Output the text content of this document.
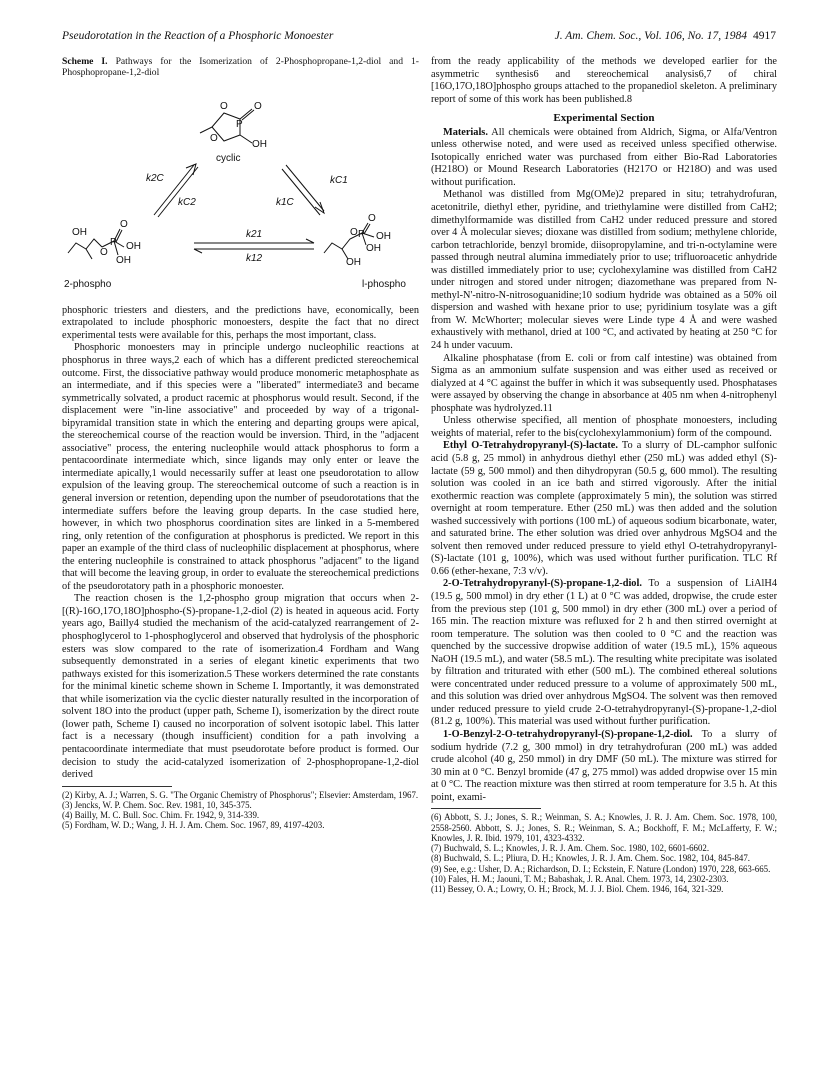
Pseudorotation in the Reaction of a Phosphoric Monoester	J. Am. Chem. Soc., Vol. 106, No. 17, 1984 4917
Scheme I. Pathways for the Isomerization of 2-Phosphopropane-1,2-diol and 1-Phosphopropane-1,2-diol
O
P
O
O
OH
cyclic
k2C
kC2
kC1
k1C
k21
k12
OH
O
P
O
OH
OH
2-phospho
O P
O
OH
OH
OH
l-phospho

phosphoric triesters and diesters, and the predictions have, economically, been extrapolated to include phosphoric monoesters, despite the fact that no direct experimental tests were available for this, perhaps the most important, class.

Phosphoric monoesters may in principle undergo nucleophilic reactions at phosphorus in three ways,2 each of which has a different predicted stereochemical outcome. First, the dissociative pathway would produce monomeric metaphosphate as an intermediate, and if this species were a "liberated" intermediate3 and became symmetrically solvated, a product racemic at phosphorus would result. Second, if the displacement were "in-line associative" and proceeded by way of a trigonal-bipyramidal transition state in which the entering and departing groups were apical, the stereochemical course of the reaction would be inversion. Third, in the "adjacent associative" process, the entering nucleophile would attack phosphorus to form a pentacoordinate intermediate which, since ligands may only enter or leave the intermediate apically,1 would necessarily suffer at least one pseudorotation to allow expulsion of the leaving group. The stereochemical outcome of such a reaction is in general inversion or retention, depending upon the number of pseudorotations that the intermediate suffers before the leaving group departs. In the case studied here, however, in which two phosphorus coordination sites are linked in a 5-membered ring, only retention of the configuration at phosphorus is predicted. We report in this paper an example of the third class of nucleophilic displacement at phosphorus, where the entering nucleophile is constrained to attack phosphorus "adjacent" to the ligand that will become the leaving group, in order to evaluate the stereochemical predictions of the pseudorotatory path in a phosphoric monoester.

The reaction chosen is the 1,2-phospho group migration that occurs when 2-[(R)-16O,17O,18O]phospho-(S)-propane-1,2-diol (2) is heated in aqueous acid. Forty years ago, Bailly4 studied the mechanism of the acid-catalyzed rearrangement of 2-phosphoglycerol to 1-phosphoglycerol and observed that hydrolysis of the phosphoric esters was slow compared to the rate of isomerization.4 Fordham and Wang subsequently demonstrated in a series of elegant kinetic experiments that two pathways existed for this isomerization.5 These workers determined the rate constants for the minimal kinetic scheme shown in Scheme I. Importantly, it was demonstrated that while isomerization via the cyclic diester naturally resulted in the incorporation of solvent 18O into the product (upper path, Scheme I), isomerization by the direct route (lower path, Scheme I) caused no incorporation of solvent isotopic label. This latter fact is a necessary (though insufficient) condition for a path involving a pentacoordinate intermediate that must pseudorotate before product is formed. Our decision to study the acid-catalyzed isomerization of 2-phosphopropane-1,2-diol derived

(2) Kirby, A. J.; Warren, S. G. "The Organic Chemistry of Phosphorus"; Elsevier: Amsterdam, 1967.

(3) Jencks, W. P. Chem. Soc. Rev. 1981, 10, 345-375.

(4) Bailly, M. C. Bull. Soc. Chim. Fr. 1942, 9, 314-339.

(5) Fordham, W. D.; Wang, J. H. J. Am. Chem. Soc. 1967, 89, 4197-4203.

from the ready applicability of the methods we developed earlier for the asymmetric synthesis6 and stereochemical analysis6,7 of chiral [16O,17O,18O]phospho groups attached to the propanediol skeleton. A preliminary report of some of this work has been published.8

Experimental Section

Materials. All chemicals were obtained from Aldrich, Sigma, or Alfa/Ventron unless otherwise noted, and were used as received unless specified otherwise. Isotopically enriched water was purchased from either Bio-Rad Laboratories (H218O) or Mound Research Laboratories (H217O or H218O) and was used without purification.

Methanol was distilled from Mg(OMe)2 prepared in situ; tetrahydrofuran, acetonitrile, diethyl ether, pyridine, and triethylamine were distilled from CaH2; dimethylformamide was distilled from CaH2 under reduced pressure and stored over 4 Å molecular sieves; dioxane was distilled from sodium; methylene chloride, carbon tetrachloride, benzyl bromide, diisopropylamine, and tri-n-octylamine were passed through neutral alumina immediately prior to use; trifluoroacetic anhydride was distilled immediately prior to use; cyclohexylamine was distilled from CaH2 under nitrogen and stored under nitrogen; diazomethane was prepared from N-methyl-N'-nitro-N-nitrosoguanidine;10 sodium hydride was obtained as a 50% oil dispersion and washed with hexane prior to use; pyridinium tosylate was a gift from W. McWhorter; molecular sieves were Linde type 4 Å and were washed exhaustively with methanol, dried at 100 °C, and activated by heating at 250 °C for 24 h under vacuum.

Alkaline phosphatase (from E. coli or from calf intestine) was obtained from Sigma as an ammonium sulfate suspension and was either used as received or dialyzed at 4 °C against the buffer in which it was subsequently used. Phosphatases were assayed by observing the change in absorbance at 405 nm when 4-nitrophenyl phosphate was hydrolyzed.11

Unless otherwise specified, all mention of phosphate monoesters, including weights of material, refer to the bis(cyclohexylammonium) form of the compound.

Ethyl O-Tetrahydropyranyl-(S)-lactate. To a slurry of DL-camphor sulfonic acid (5.8 g, 25 mmol) in anhydrous diethyl ether (250 mL) was added ethyl (S)-lactate (59 g, 500 mmol) and then dihydropyran (50.5 g, 600 mmol). The resulting solution was cooled in an ice bath and stirred vigorously. After the initial exothermic reaction was complete (approximately 5 min), the solution was stirred overnight at room temperature. Ether (250 mL) was then added and the solution washed successively with portions (100 mL) of aqueous sodium bicarbonate, water, and saturated brine. The ether solution was dried over anhydrous MgSO4 and the solvent then removed under reduced pressure to yield ethyl O-tetrahydropyranyl-(S)-lactate (101 g, 100%), which was used without further purification. TLC Rf 0.66 (ether-hexane, 7:3 v/v).

2-O-Tetrahydropyranyl-(S)-propane-1,2-diol. To a suspension of LiAlH4 (19.5 g, 500 mmol) in dry ether (1 L) at 0 °C was added, dropwise, the crude ester from the previous step (101 g, 500 mmol) in dry ether (300 mL) over a period of 165 min. The reaction mixture was refluxed for 2 h and then stirred overnight at room temperature. The solution was then cooled to 0 °C and the reaction was quenched by the successive dropwise addition of water (19.5 mL), 15% aqueous NaOH (19.5 mL), and water (58.5 mL). The resulting white precipitate was isolated by filtration and triturated with ether (500 mL). The combined ethereal solutions were concentrated under reduced pressure to a volume of approximately 500 mL, and this solution was dried over anhydrous MgSO4. The solvent was then removed under reduced pressure to yield crude 2-O-tetrahydropyranyl-(S)-propane-1,2-diol (81.2 g, 100%). This material was used without further purification.

1-O-Benzyl-2-O-tetrahydropyranyl-(S)-propane-1,2-diol. To a slurry of sodium hydride (7.2 g, 300 mmol) in dry tetrahydrofuran (200 mL) was added crude alcohol (40 g, 250 mmol) in dry DMF (50 mL). The mixture was stirred for 30 min at 0 °C. Benzyl bromide (47 g, 275 mmol) was added dropwise over 15 min at 0 °C. The reaction mixture was then stirred at room temperature for 3.5 h. At this point, exami-

(6) Abbott, S. J.; Jones, S. R.; Weinman, S. A.; Knowles, J. R. J. Am. Chem. Soc. 1978, 100, 2558-2560. Abbott, S. J.; Jones, S. R.; Weinman, S. A.; Bockhoff, F. M.; McLafferty, F. W.; Knowles, J. R. Ibid. 1979, 101, 4323-4332.

(7) Buchwald, S. L.; Knowles, J. R. J. Am. Chem. Soc. 1980, 102, 6601-6602.

(8) Buchwald, S. L.; Pliura, D. H.; Knowles, J. R. J. Am. Chem. Soc. 1982, 104, 845-847.

(9) See, e.g.: Usher, D. A.; Richardson, D. I.; Eckstein, F. Nature (London) 1970, 228, 663-665.

(10) Fales, H. M.; Jaouni, T. M.; Babashak, J. R. Anal. Chem. 1973, 14, 2302-2303.

(11) Bessey, O. A.; Lowry, O. H.; Brock, M. J. J. Biol. Chem. 1946, 164, 321-329.
